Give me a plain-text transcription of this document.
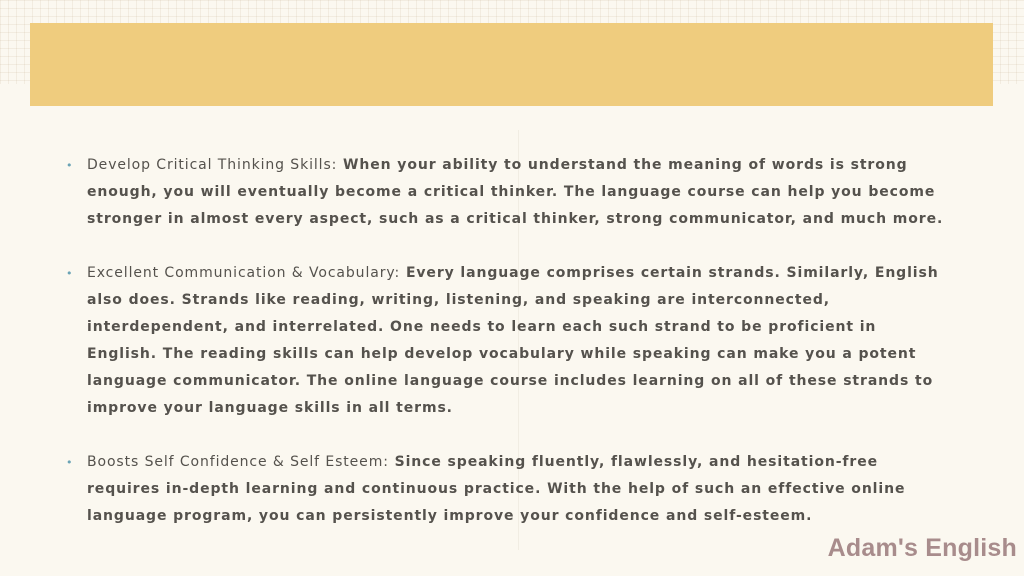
• Develop Critical Thinking Skills: When your ability to understand the meaning of words is strong enough, you will eventually become a critical thinker. The language course can help you become stronger in almost every aspect, such as a critical thinker, strong communicator, and much more.
• Excellent Communication & Vocabulary: Every language comprises certain strands. Similarly, English also does. Strands like reading, writing, listening, and speaking are interconnected, interdependent, and interrelated. One needs to learn each such strand to be proficient in English. The reading skills can help develop vocabulary while speaking can make you a potent language communicator. The online language course includes learning on all of these strands to improve your language skills in all terms.
• Boosts Self Confidence & Self Esteem: Since speaking fluently, flawlessly, and hesitation-free requires in-depth learning and continuous practice. With the help of such an effective online language program, you can persistently improve your confidence and self-esteem.
Adam's English
